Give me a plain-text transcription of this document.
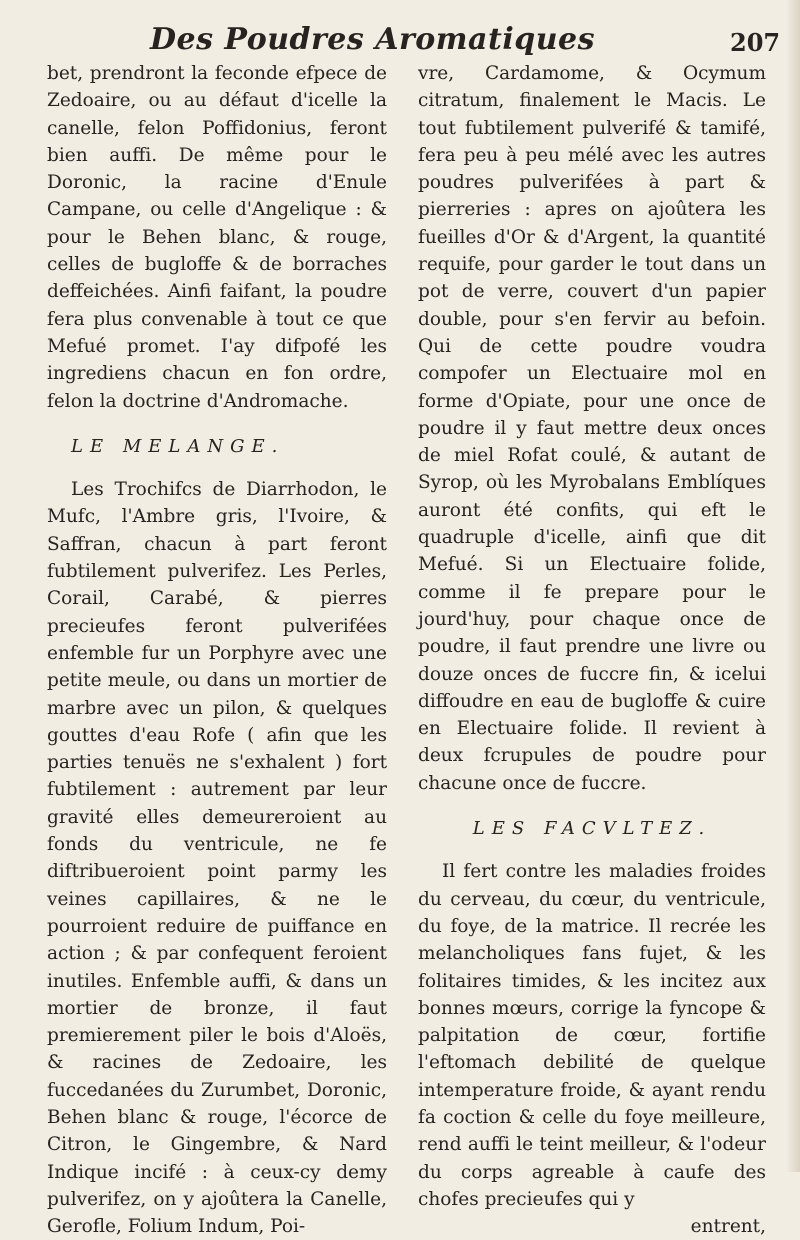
Des Poudres Aromatiques	207

bet, prendront la feconde efpece de Zedoaire, ou au défaut d'icelle la canelle, felon Poffidonius, feront bien auffi. De même pour le Doronic, la racine d'Enule Campane, ou celle d'Angelique : & pour le Behen blanc, & rouge, celles de bugloffe & de borraches deffeichées. Ainfi faifant, la poudre fera plus convenable à tout ce que Mefué promet. I'ay difpofé les ingrediens chacun en fon ordre, felon la doctrine d'Andromache.

LE MELANGE.

Les Trochifcs de Diarrhodon, le Mufc, l'Ambre gris, l'Ivoire, & Saffran, chacun à part feront fubtilement pulverifez. Les Perles, Corail, Carabé, & pierres precieufes feront pulverifées enfemble fur un Porphyre avec une petite meule, ou dans un mortier de marbre avec un pilon, & quelques gouttes d'eau Rofe ( afin que les parties tenuës ne s'exhalent ) fort fubtilement : autrement par leur gravité elles demeureroient au fonds du ventricule, ne fe diftribueroient point parmy les veines capillaires, & ne le pourroient reduire de puiffance en action ; & par confequent feroient inutiles. Enfemble auffi, & dans un mortier de bronze, il faut premierement piler le bois d'Aloës, & racines de Zedoaire, les fuccedanées du Zurumbet, Doronic, Behen blanc & rouge, l'écorce de Citron, le Gingembre, & Nard Indique incifé : à ceux-cy demy pulverifez, on y ajoûtera la Canelle, Gerofle, Folium Indum, Poi-

vre, Cardamome, & Ocymum citratum, finalement le Macis. Le tout fubtilement pulverifé & tamifé, fera peu à peu mélé avec les autres poudres pulverifées à part & pierreries : apres on ajoûtera les fueilles d'Or & d'Argent, la quantité requife, pour garder le tout dans un pot de verre, couvert d'un papier double, pour s'en fervir au befoin. Qui de cette poudre voudra compofer un Electuaire mol en forme d'Opiate, pour une once de poudre il y faut mettre deux onces de miel Rofat coulé, & autant de Syrop, où les Myrobalans Emblíques auront été confits, qui eft le quadruple d'icelle, ainfi que dit Mefué. Si un Electuaire folide, comme il fe prepare pour le jourd'huy, pour chaque once de poudre, il faut prendre une livre ou douze onces de fuccre fin, & icelui diffoudre en eau de bugloffe & cuire en Electuaire folide. Il revient à deux fcrupules de poudre pour chacune once de fuccre.

LES FACVLTEZ.

Il fert contre les maladies froides du cerveau, du cœur, du ventricule, du foye, de la matrice. Il recrée les melancholiques fans fujet, & les folitaires timides, & les incitez aux bonnes mœurs, corrige la fyncope & palpitation de cœur, fortifie l'eftomach debilité de quelque intemperature froide, & ayant rendu fa coction & celle du foye meilleure, rend auffi le teint meilleur, & l'odeur du corps agreable à caufe des chofes precieufes qui y

entrent,
